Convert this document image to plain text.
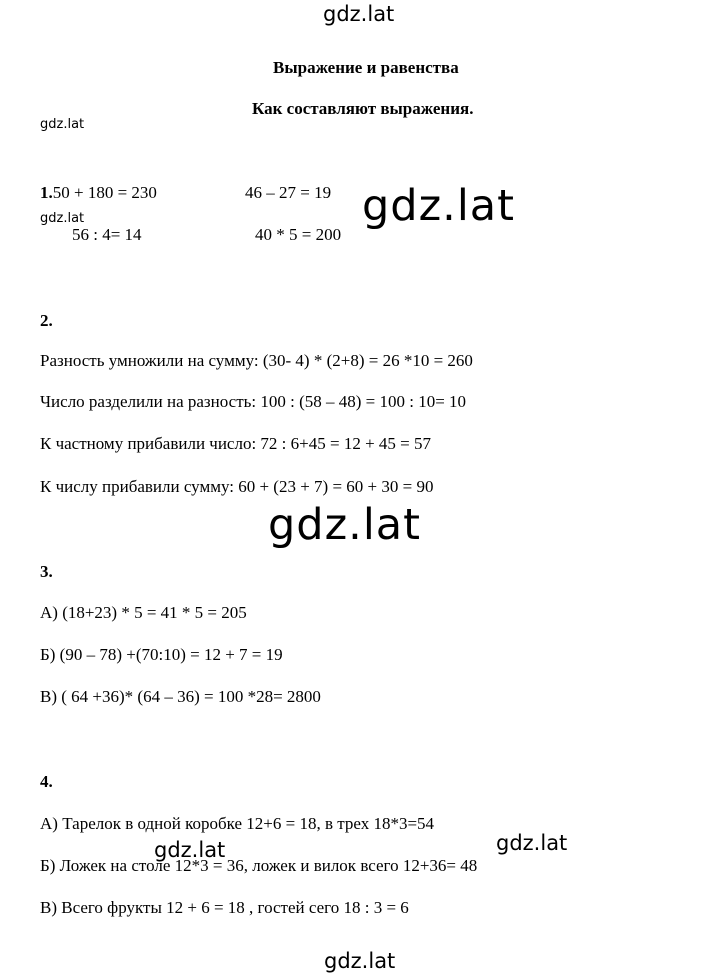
gdz.lat
gdz.lat
gdz.lat	gdz.lat
gdz.lat
gdz.lat
gdz.lat
gdz.lat
Выражение и равенства
Как составляют выражения.
1.50 + 180 = 230	46 – 27 = 19
56 : 4= 14	40 * 5 = 200
2.
Разность умножили на сумму: (30- 4) * (2+8) = 26 *10 = 260
Число разделили на разность: 100 : (58 – 48) = 100 : 10= 10
К частному прибавили число: 72 : 6+45 = 12 + 45 = 57
К числу прибавили сумму: 60 + (23 + 7) = 60 + 30 = 90
3.
А) (18+23) * 5 = 41 * 5 = 205
Б) (90 – 78) +(70:10) = 12 + 7 = 19
В) ( 64 +36)* (64 – 36) = 100 *28= 2800
4.
А) Тарелок в одной коробке 12+6 = 18, в трех 18*3=54
Б) Ложек на столе 12*3 = 36, ложек и вилок всего 12+36= 48
В) Всего фрукты 12 + 6 = 18 , гостей сего 18 : 3 = 6
